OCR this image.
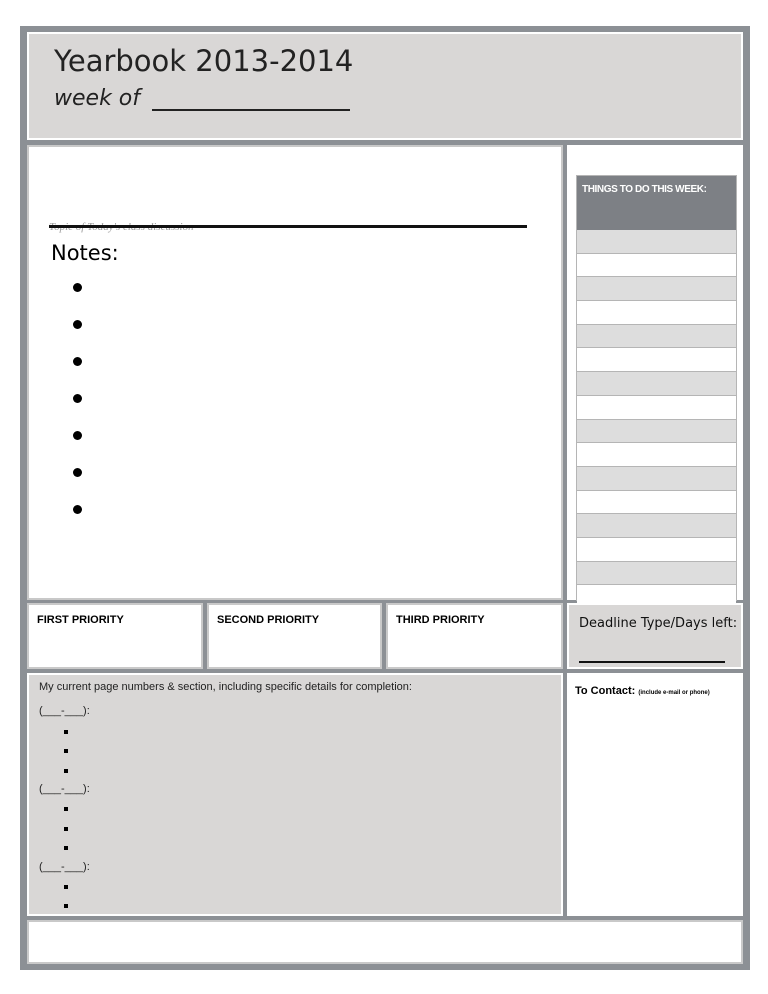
Yearbook 2013-2014
week of
Notes:
THINGS TO DO THIS WEEK:
FIRST PRIORITY	SECOND PRIORITY	THIRD PRIORITY	Deadline Type/Days left:
My current page numbers & section, including specific details for completion:
(___-___):
(___-___):
(___-___):
To Contact: (include e-mail or phone)
